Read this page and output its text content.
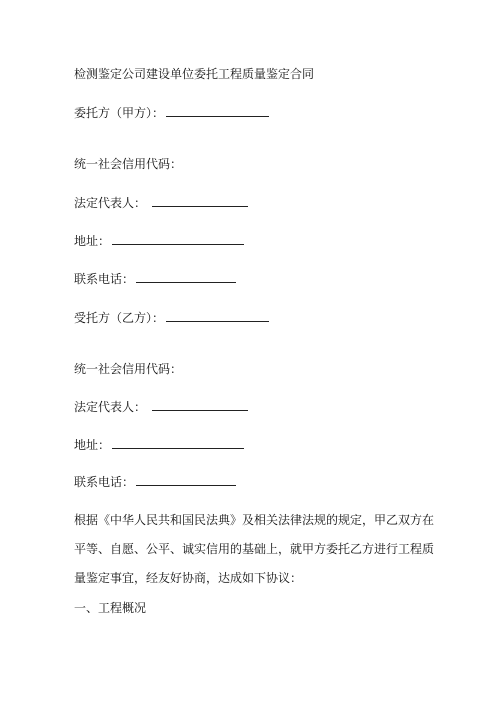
检测鉴定公司建设单位委托工程质量鉴定合同
委托方（甲方）：
统一社会信用代码：
法定代表人：
地址：
联系电话：
受托方（乙方）：
统一社会信用代码：
法定代表人：
地址：
联系电话：
根据《中华人民共和国民法典》及相关法律法规的规定，甲乙双方在平等、自愿、公平、诚实信用的基础上，就甲方委托乙方进行工程质量鉴定事宜，经友好协商，达成如下协议：
一、工程概况
